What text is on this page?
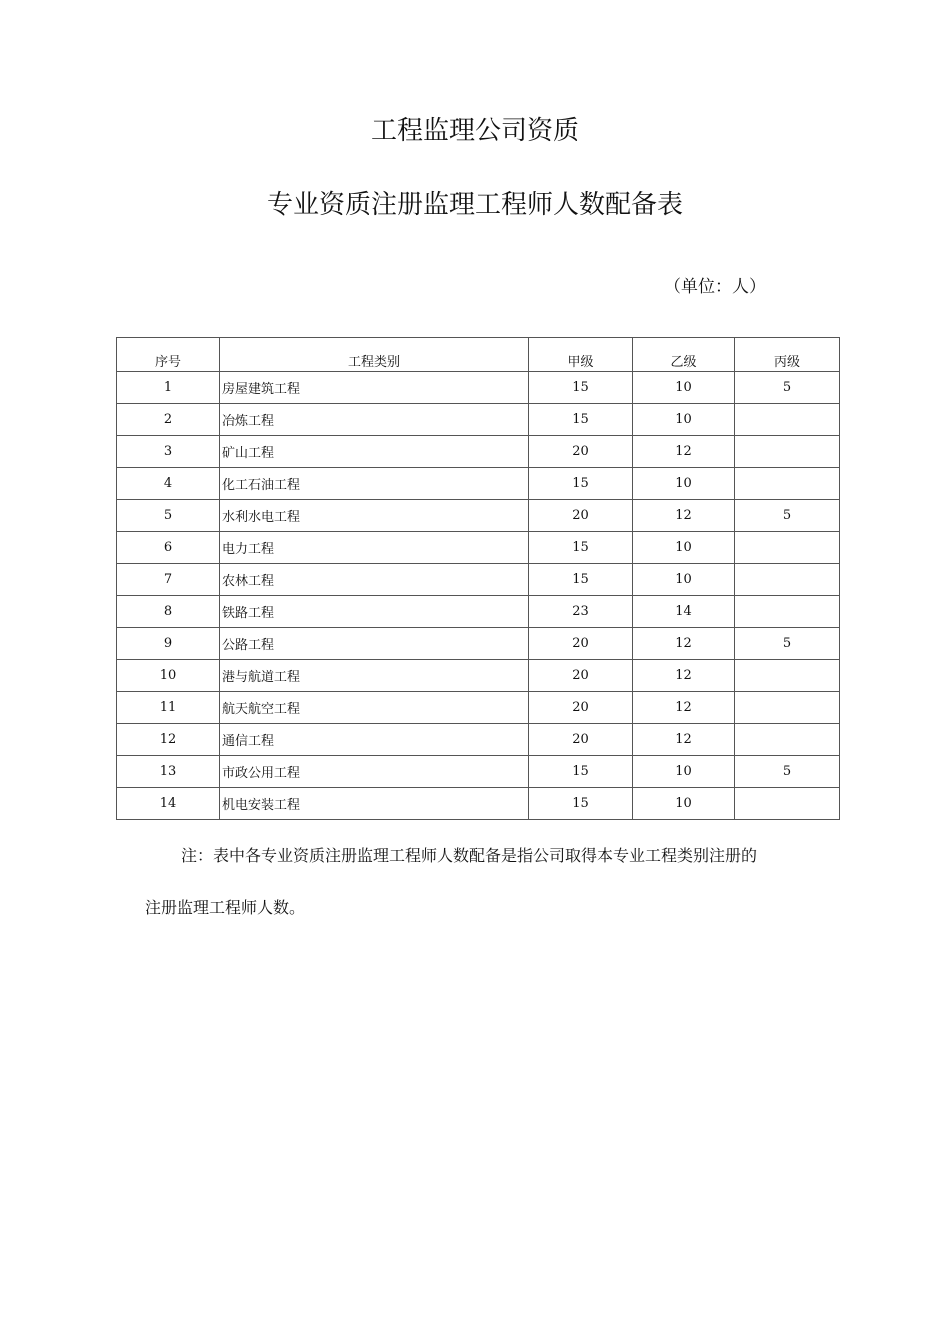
工程监理公司资质
专业资质注册监理工程师人数配备表
（单位：人）
序号	工程类别	甲级	乙级	丙级
1	房屋建筑工程	15	10	5
2	冶炼工程	15	10	
3	矿山工程	20	12	
4	化工石油工程	15	10	
5	水利水电工程	20	12	5
6	电力工程	15	10	
7	农林工程	15	10	
8	铁路工程	23	14	
9	公路工程	20	12	5
10	港与航道工程	20	12	
11	航天航空工程	20	12	
12	通信工程	20	12	
13	市政公用工程	15	10	5
14	机电安装工程	15	10	

注：表中各专业资质注册监理工程师人数配备是指公司取得本专业工程类别注册的

注册监理工程师人数。
